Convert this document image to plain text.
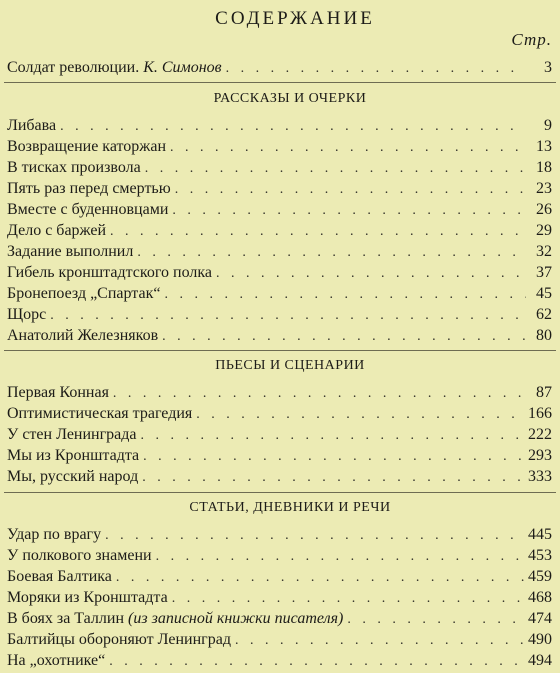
СОДЕРЖАНИЕ
Стр.
Солдат революции. К. Симонов . . .	3
РАССКАЗЫ И ОЧЕРКИ
Либава . . .	9
Возвращение каторжан . . .	13
В тисках произвола . . .	18
Пять раз перед смертью . . .	23
Вместе с буденновцами . . .	26
Дело с баржей . . .	29
Задание выполнил . . .	32
Гибель кронштадтского полка . . .	37
Бронепоезд „Спартак“ . . .	45
Щорс . . .	62
Анатолий Железняков . . .	80
ПЬЕСЫ И СЦЕНАРИИ
Первая Конная . . .	87
Оптимистическая трагедия . . .	166
У стен Ленинграда . . .	222
Мы из Кронштадта . . .	293
Мы, русский народ . . .	333
СТАТЬИ, ДНЕВНИКИ И РЕЧИ
Удар по врагу . . .	445
У полкового знамени . . .	453
Боевая Балтика . . .	459
Моряки из Кронштадта . . .	468
В боях за Таллин (из записной книжки писателя) . . .	474
Балтийцы обороняют Ленинград . . .	490
На „охотнике“ . . .	494
